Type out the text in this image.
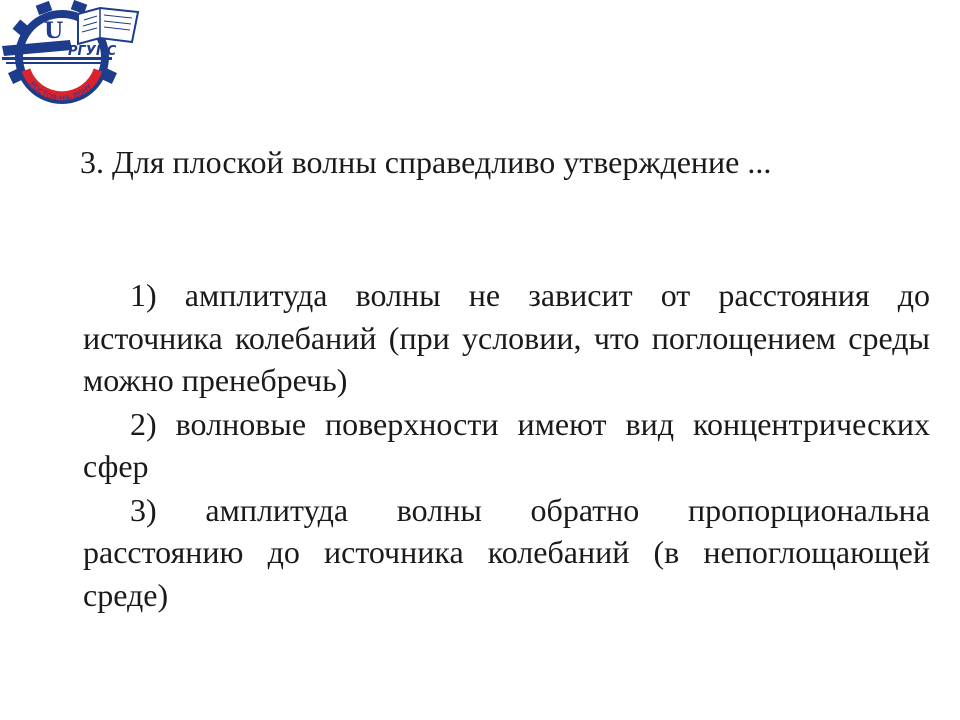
РОСТОВ-НА-ДОНУ
U
РГУПС
3. Для плоской волны справедливо утверждение ...

1) амплитуда волны не зависит от расстояния до источника колебаний (при условии, что поглощением среды можно пренебречь)

2) волновые поверхности имеют вид концентрических сфер

3) амплитуда волны обратно пропорциональна расстоянию до источника колебаний (в непоглощающей среде)
